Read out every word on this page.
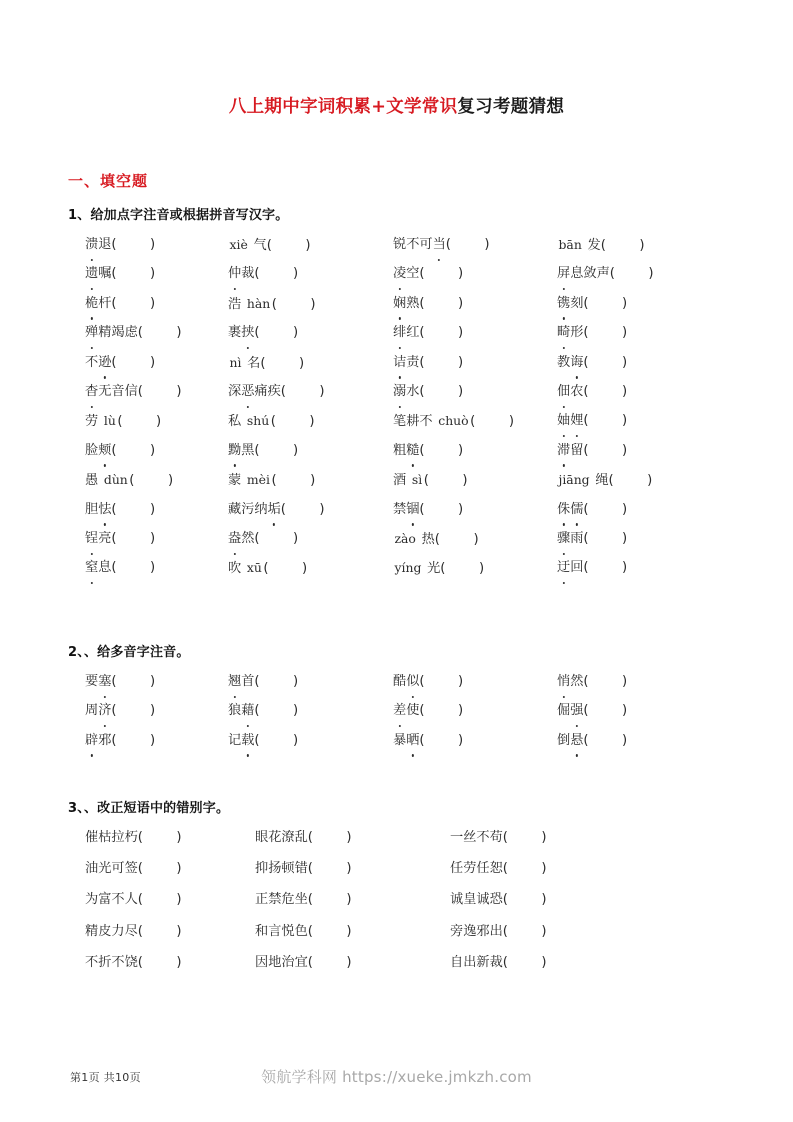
八上期中字词积累+文学常识复习考题猜想
一、填空题
1、给加点字注音或根据拼音写汉字。
溃退(        )	xiè 气(        )	锐不可当(        )	bān 发(        )
遗嘱(        )	仲裁(        )	凌空(        )	屏息敛声(        )
桅杆(        )	浩 hàn (        )	娴熟(        )	镌刻(        )
殚精竭虑(        )	裹挟(        )	绯红(        )	畸形(        )
不逊(        )	nì 名(        )	诘责(        )	教诲(        )
杳无音信(        )	深恶痛疾(        )	溺水(        )	佃农(        )
劳 lù (        )	私 shú (        )	笔耕不 chuò (        )	妯娌(        )
脸颊(        )	黝黑(        )	粗糙(        )	滞留(        )
愚 dùn (        )	蒙 mèi (        )	酒 sì (        )	jiāng 绳(        )
胆怯(        )	藏污纳垢(        )	禁锢(        )	侏儒(        )
锃亮(        )	盎然(        )	zào 热(        )	骤雨(        )
窒息(        )	吹 xū (        )	yíng 光(        )	迂回(        )
2、、给多音字注音。
要塞(        )	翘首(        )	酷似(        )	悄然(        )
周济(        )	狼藉(        )	差使(        )	倔强(        )
辟邪(        )	记载(        )	暴晒(        )	倒悬(        )
3、、改正短语中的错别字。
催枯拉朽(        )	眼花潦乱(        )	一丝不苟(        )
油光可签(        )	抑扬顿错(        )	任劳任恕(        )
为富不人(        )	正禁危坐(        )	诚皇诚恐(        )
精皮力尽(        )	和言悦色(        )	旁逸邪出(        )
不折不饶(        )	因地治宜(        )	自出新裁(        )
第1页 共10页	领航学科网 https://xueke.jmkzh.com
